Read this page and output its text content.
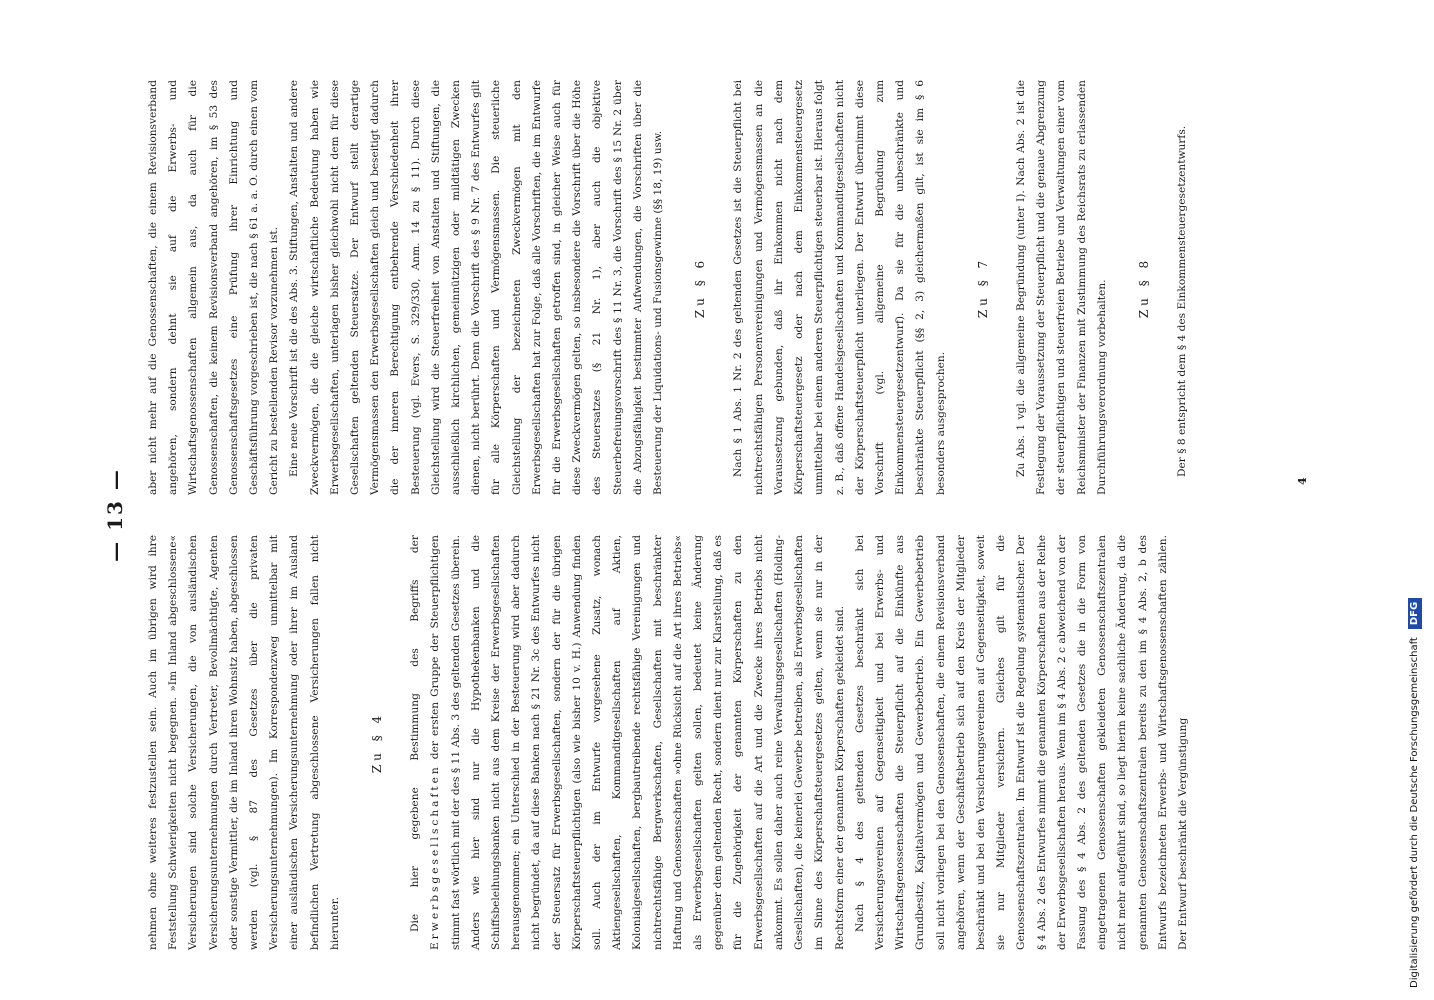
— 13 —

nehmen ohne weiteres festzustellen sein. Auch im übrigen wird ihre Feststellung Schwierigkeiten nicht begegnen. »Im Inland abgeschlossene« Versicherungen sind solche Versicherungen, die von ausländischen Versicherungsunternehmungen durch Vertreter, Bevollmächtigte, Agenten oder sonstige Vermittler, die im Inland ihren Wohnsitz haben, abgeschlossen werden (vgl. § 87 des Gesetzes über die privaten Versicherungsunternehmungen). Im Korrespondenzweg unmittelbar mit einer ausländischen Versicherungsunternehmung oder ihrer im Ausland befindlichen Vertretung abgeschlossene Versicherungen fallen nicht hierunter.

Zu § 4	Die hier gegebene Bestimmung des Begriffs der Erwerbsgesellschaften der ersten Gruppe der Steuerpflichtigen stimmt fast wörtlich mit der des § 11 Abs. 3 des geltenden Gesetzes überein. Anders wie hier sind nur die Hypothekenbanken und die Schiffsbeleihungsbanken nicht aus dem Kreise der Erwerbsgesellschaften herausgenommen; ein Unterschied in der Besteuerung wird aber dadurch nicht begründet, da auf diese Banken nach § 21 Nr. 3c des Entwurfes nicht der Steuersatz für Erwerbsgesellschaften, sondern der für die übrigen Körperschaftsteuerpflichtigen (also wie bisher 10 v. H.) Anwendung finden soll. Auch der im Entwurfe vorgesehene Zusatz, wonach Aktiengesellschaften, Kommanditgesellschaften auf Aktien, Kolonialgesellschaften, bergbautreibende rechtsfähige Vereinigungen und nichtrechtsfähige Bergwerkschaften, Gesellschaften mit beschränkter Haftung und Genossenschaften »ohne Rücksicht auf die Art ihres Betriebs« als Erwerbsgesellschaften gelten sollen, bedeutet keine Änderung gegenüber dem geltenden Recht, sondern dient nur zur Klarstellung, daß es für die Zugehörigkeit der genannten Körperschaften zu den Erwerbsgesellschaften auf die Art und die Zwecke ihres Betriebs nicht ankommt. Es sollen daher auch reine Verwaltungsgesellschaften (Holding-Gesellschaften), die keinerlei Gewerbe betreiben, als Erwerbsgesellschaften im Sinne des Körperschaftsteuergesetzes gelten, wenn sie nur in der Rechtsform einer der genannten Körperschaften gekleidet sind. Nach § 4 des geltenden Gesetzes beschränkt sich bei Versicherungsvereinen auf Gegenseitigkeit und bei Erwerbs- und Wirtschaftsgenossenschaften die Steuerpflicht auf die Einkünfte aus Grundbesitz, Kapitalvermögen und Gewerbebetrieb. Ein Gewerbebetrieb soll nicht vorliegen bei den Genossenschaften, die einem Revisionsverband angehören, wenn der Geschäftsbetrieb sich auf den Kreis der Mitglieder beschränkt und bei den Versicherungsvereinen auf Gegenseitigkeit, soweit sie nur Mitglieder versichern. Gleiches gilt für die Genossenschaftszentralen. Im Entwurf ist die Regelung systematischer. Der § 4 Abs. 2 des Entwurfes nimmt die genannten Körperschaften aus der Reihe der Erwerbsgesellschaften heraus. Wenn im § 4 Abs. 2 c abweichend von der Fassung des § 4 Abs. 2 des geltenden Gesetzes die in die Form von eingetragenen Genossenschaften gekleideten Genossenschaftszentralen nicht mehr aufgeführt sind, so liegt hierin keine sachliche Änderung, da die genannten Genossenschaftszentralen bereits zu den im § 4 Abs. 2, b des Entwurfs bezeichneten Erwerbs- und Wirtschaftsgenossenschaften zählen. Der Entwurf beschränkt die Vergünstigung

aber nicht mehr auf die Genossenschaften, die einem Revisionsverband angehören, sondern dehnt sie auf die Erwerbs- und Wirtschaftsgenossenschaften allgemein aus, da auch für die Genossenschaften, die keinem Revisionsverband angehören, im § 53 des Genossenschaftsgesetzes eine Prüfung ihrer Einrichtung und Geschäftsführung vorgeschrieben ist, die nach § 61 a. a. O. durch einen vom Gericht zu bestellenden Revisor vorzunehmen ist. Eine neue Vorschrift ist die des Abs. 3. Stiftungen, Anstalten und andere Zweckvermögen, die die gleiche wirtschaftliche Bedeutung haben wie Erwerbsgesellschaften, unterlagen bisher gleichwohl nicht dem für diese Gesellschaften geltenden Steuersatze. Der Entwurf stellt derartige Vermögensmassen den Erwerbsgesellschaften gleich und beseitigt dadurch die der inneren Berechtigung entbehrende Verschiedenheit ihrer Besteuerung (vgl. Evers, S. 329/330, Anm. 14 zu § 11). Durch diese Gleichstellung wird die Steuerfreiheit von Anstalten und Stiftungen, die ausschließlich kirchlichen, gemeinnützigen oder mildtätigen Zwecken dienen, nicht berührt. Denn die Vorschrift des § 9 Nr. 7 des Entwurfes gilt für alle Körperschaften und Vermögensmassen. Die steuerliche Gleichstellung der bezeichneten Zweckvermögen mit den Erwerbsgesellschaften hat zur Folge, daß alle Vorschriften, die im Entwurfe für die Erwerbsgesellschaften getroffen sind, in gleicher Weise auch für diese Zweckvermögen gelten, so insbesondere die Vorschrift über die Höhe des Steuersatzes (§ 21 Nr. 1), aber auch die objektive Steuerbefreiungsvorschrift des § 11 Nr. 3, die Vorschrift des § 15 Nr. 2 über die Abzugsfähigkeit bestimmter Aufwendungen, die Vorschriften über die Besteuerung der Liquidations- und Fusionsgewinne (§§ 18, 19) usw.	Zu § 6	Nach § 1 Abs. 1 Nr. 2 des geltenden Gesetzes ist die Steuerpflicht bei nichtrechtsfähigen Personenvereinigungen und Vermögensmassen an die Voraussetzung gebunden, daß ihr Einkommen nicht nach dem Körperschaftsteuergesetz oder nach dem Einkommensteuergesetz unmittelbar bei einem anderen Steuerpflichtigen steuerbar ist. Hieraus folgt z. B., daß offene Handelsgesellschaften und Kommanditgesellschaften nicht der Körperschaftsteuerpflicht unterliegen. Der Entwurf übernimmt diese Vorschrift (vgl. allgemeine Begründung zum Einkommensteuergesetzentwurf). Da sie für die unbeschränkte und beschränkte Steuerpflicht (§§ 2, 3) gleichermaßen gilt, ist sie im § 6 besonders ausgesprochen.

Zu § 7	Zu Abs. 1 vgl. die allgemeine Begründung (unter I). Nach Abs. 2 ist die Festlegung der Voraussetzung der Steuerpflicht und die genaue Abgrenzung der steuerpflichtigen und steuerfreien Betriebe und Verwaltungen einer vom Reichsminister der Finanzen mit Zustimmung des Reichsrats zu erlassenden Durchführungsverordnung vorbehalten.	Zu § 8	Der § 8 entspricht dem § 4 des Einkommensteuergesetzentwurfs.

4
Digitalisierung gefördert durch die Deutsche ForschungsgemeinschaftDFG
